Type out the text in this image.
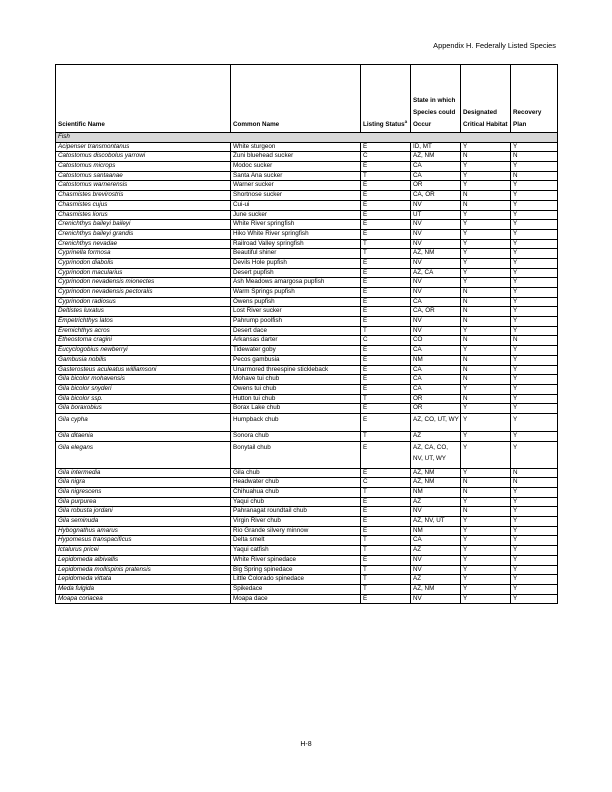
Appendix H. Federally Listed Species
Scientific Name	Common Name	Listing Status$^a$	State in which Species could Occur	Designated Critical Habitat	Recovery Plan
Fish					
Acipenser transmontanus	White sturgeon	E	ID, MT	Y	Y
Catostomus discobolus yarrowi	Zuni bluehead sucker	C	AZ, NM	N	N
Catostomus microps	Modoc sucker	E	CA	Y	Y
Catostomus santaanae	Santa Ana sucker	T	CA	Y	N
Catostomus warnerensis	Warner sucker	E	OR	Y	Y
Chasmistes brevirostris	Shortnose sucker	E	CA, OR	N	Y
Chasmistes cujus	Cui-ui	E	NV	N	Y
Chasmistes liorus	June sucker	E	UT	Y	Y
Crenichthys baileyi baileyi	White River springfish	E	NV	Y	Y
Crenichthys baileyi grandis	Hiko White River springfish	E	NV	Y	Y
Crenichthys nevadae	Railroad Valley springfish	T	NV	Y	Y
Cyprinella formosa	Beautiful shiner	T	AZ, NM	Y	Y
Cyprinodon diabolis	Devils Hole pupfish	E	NV	Y	Y
Cyprinodon macularius	Desert pupfish	E	AZ, CA	Y	Y
Cyprinodon nevadensis mionectes	Ash Meadows amargosa pupfish	E	NV	Y	Y
Cyprinodon nevadensis pectoralis	Warm Springs pupfish	E	NV	N	Y
Cyprinodon radiosus	Owens pupfish	E	CA	N	Y
Deltistes luxatus	Lost River sucker	E	CA, OR	N	Y
Empetrichthys latos	Pahrump poolfish	E	NV	N	Y
Eremichthys acros	Desert dace	T	NV	Y	Y
Etheostoma cragini	Arkansas darter	C	CO	N	N
Eucyclogobius newberryi	Tidewater goby	E	CA	Y	Y
Gambusia nobilis	Pecos gambusia	E	NM	N	Y
Gasterosteus aculeatus williamsoni	Unarmored threespine stickleback	E	CA	N	Y
Gila bicolor mohavensis	Mohave tui chub	E	CA	N	Y
Gila bicolor snyderi	Owens tui chub	E	CA	Y	Y
Gila bicolor ssp.	Hutton tui chub	T	OR	N	Y
Gila boraxobius	Borax Lake chub	E	OR	Y	Y
Gila cypha	Humpback chub	E	AZ, CO, UT, WY	Y	Y
Gila ditaenia	Sonora chub	T	AZ	Y	Y
Gila elegans	Bonytail chub	E	AZ, CA, CO, NV, UT, WY	Y	Y
Gila intermedia	Gila chub	E	AZ, NM	Y	N
Gila nigra	Headwater chub	C	AZ, NM	N	N
Gila nigrescens	Chihuahua chub	T	NM	N	Y
Gila purpurea	Yaqui chub	E	AZ	Y	Y
Gila robusta jordani	Pahranagat roundtail chub	E	NV	N	Y
Gila seminuda	Virgin River chub	E	AZ, NV, UT	Y	Y
Hybognathus amarus	Rio Grande silvery minnow	E	NM	Y	Y
Hypomesus transpacificus	Delta smelt	T	CA	Y	Y
Ictalurus pricei	Yaqui catfish	T	AZ	Y	Y
Lepidomeda albivallis	White River spinedace	E	NV	Y	Y
Lepidomeda mollispinis pratensis	Big Spring spinedace	T	NV	Y	Y
Lepidomeda vittata	Little Colorado spinedace	T	AZ	Y	Y
Meda fulgida	Spikedace	T	AZ, NM	Y	Y
Moapa coriacea	Moapa dace	E	NV	Y	Y
H-8
